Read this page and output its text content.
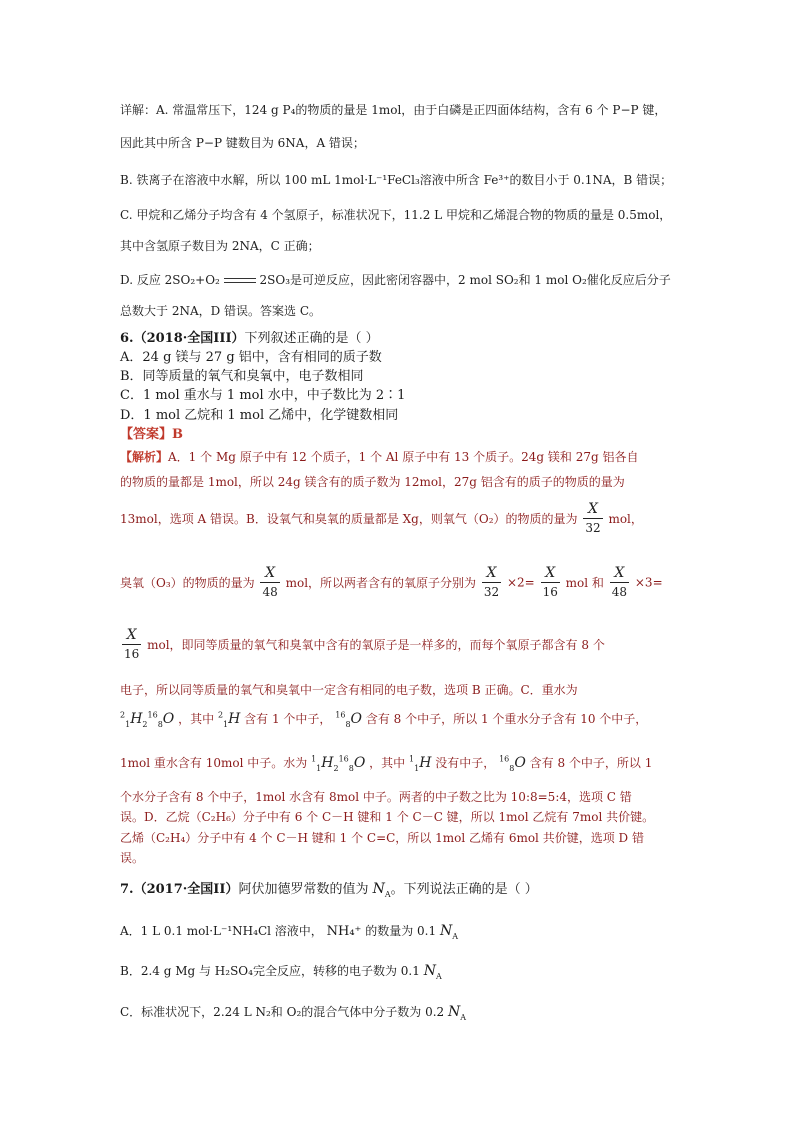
详解：A. 常温常压下，124 g P₄的物质的量是 1mol，由于白磷是正四面体结构，含有 6 个 P−P 键，
因此其中所含 P−P 键数目为 6NA，A 错误；
B. 铁离子在溶液中水解，所以 100 mL 1mol·L⁻¹FeCl₃溶液中所含 Fe³⁺的数目小于 0.1NA，B 错误；
C. 甲烷和乙烯分子均含有 4 个氢原子，标准状况下，11.2 L 甲烷和乙烯混合物的物质的量是 0.5mol，
其中含氢原子数目为 2NA，C 正确；
D. 反应 2SO₂+O₂	2SO₃是可逆反应，因此密闭容器中，2 mol SO₂和 1 mol O₂催化反应后分子
总数大于 2NA，D 错误。答案选 C。
6.（2018·全国III）下列叙述正确的是（ ）
A．24 g 镁与 27 g 铝中，含有相同的质子数
B．同等质量的氧气和臭氧中，电子数相同
C．1 mol 重水与 1 mol 水中，中子数比为 2∶1
D．1 mol 乙烷和 1 mol 乙烯中，化学键数相同
【答案】B
【解析】A．1 个 Mg 原子中有 12 个质子，1 个 Al 原子中有 13 个质子。24g 镁和 27g 铝各自
的物质的量都是 1mol，所以 24g 镁含有的质子数为 12mol，27g 铝含有的质子的物质的量为
13mol，选项 A 错误。B．设氧气和臭氧的质量都是 Xg，则氧气（O₂）的物质的量为 $\frac{X}{32}$ mol，
臭氧（O₃）的物质的量为 $\frac{X}{48}$ mol，所以两者含有的氧原子分别为 $\frac{X}{32} \times 2= \frac{X}{16}$ mol 和 $\frac{X}{48} \times 3=$
$\frac{X}{16}$ mol，即同等质量的氧气和臭氧中含有的氧原子是一样多的，而每个氧原子都含有 8 个
电子，所以同等质量的氧气和臭氧中一定含有相同的电子数，选项 B 正确。C．重水为
$^2_1H_2^{16}_8O$ ，其中 $^2_1$H 含有 1 个中子， $^{16}_8$O 含有 8 个中子，所以 1 个重水分子含有 10 个中子，
1mol 重水含有 10mol 中子。水为 $^1_1H_2^{16}_8O$ ，其中 $^1_1$H 没有中子， $^{16}_8$O 含有 8 个中子，所以 1
个水分子含有 8 个中子，1mol 水含有 8mol 中子。两者的中子数之比为 10:8=5:4，选项 C 错
误。D．乙烷（C₂H₆）分子中有 6 个 C－H 键和 1 个 C－C 键，所以 1mol 乙烷有 7mol 共价键。
乙烯（C₂H₄）分子中有 4 个 C－H 键和 1 个 C=C，所以 1mol 乙烯有 6mol 共价键，选项 D 错
误。
7.（2017·全国II）阿伏加德罗常数的值为 $N_A$。下列说法正确的是（ ）
A．1 L 0.1 mol·L⁻¹NH₄Cl 溶液中， NH₄⁺ 的数量为 0.1 $N_A$
B．2.4 g Mg 与 H₂SO₄完全反应，转移的电子数为 0.1 $N_A$
C．标准状况下，2.24 L N₂和 O₂的混合气体中分子数为 0.2 $N_A$
